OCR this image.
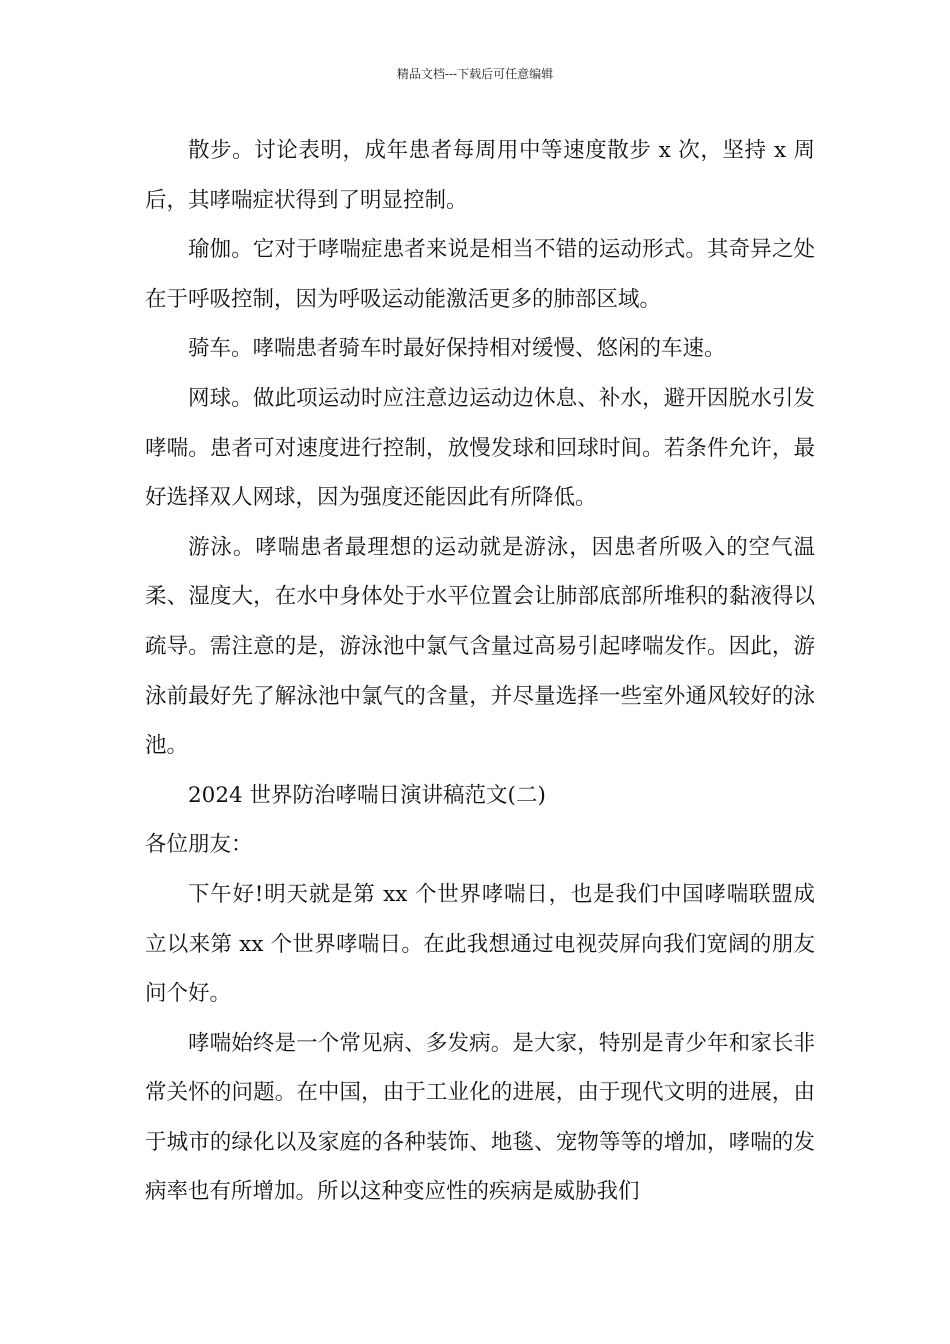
精品文档---下载后可任意编辑

散步。讨论表明，成年患者每周用中等速度散步 x 次，坚持 x 周后，其哮喘症状得到了明显控制。

瑜伽。它对于哮喘症患者来说是相当不错的运动形式。其奇异之处在于呼吸控制，因为呼吸运动能激活更多的肺部区域。

骑车。哮喘患者骑车时最好保持相对缓慢、悠闲的车速。

网球。做此项运动时应注意边运动边休息、补水，避开因脱水引发哮喘。患者可对速度进行控制，放慢发球和回球时间。若条件允许，最好选择双人网球，因为强度还能因此有所降低。

游泳。哮喘患者最理想的运动就是游泳，因患者所吸入的空气温柔、湿度大，在水中身体处于水平位置会让肺部底部所堆积的黏液得以疏导。需注意的是，游泳池中氯气含量过高易引起哮喘发作。因此，游泳前最好先了解泳池中氯气的含量，并尽量选择一些室外通风较好的泳池。

2024 世界防治哮喘日演讲稿范文(二)

各位朋友：

下午好!明天就是第 xx 个世界哮喘日，也是我们中国哮喘联盟成立以来第 xx 个世界哮喘日。在此我想通过电视荧屏向我们宽阔的朋友问个好。

哮喘始终是一个常见病、多发病。是大家，特别是青少年和家长非常关怀的问题。在中国，由于工业化的进展，由于现代文明的进展，由于城市的绿化以及家庭的各种装饰、地毯、宠物等等的增加，哮喘的发病率也有所增加。所以这种变应性的疾病是威胁我们
